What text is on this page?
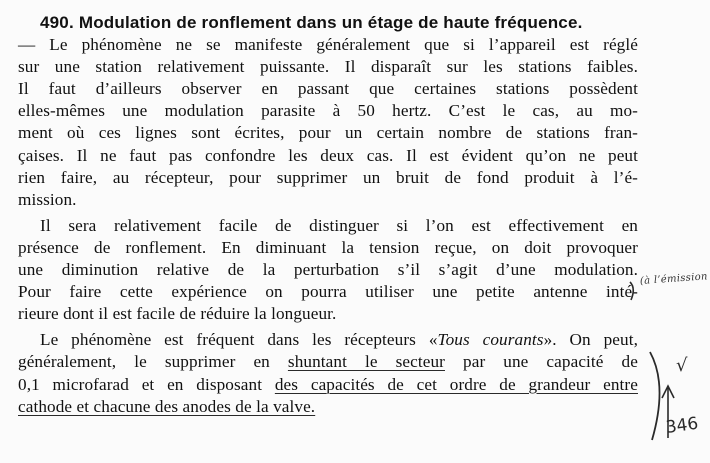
490. Modulation de ronflement dans un étage de haute fréquence.
— Le phénomène ne se manifeste généralement que si l’appareil est réglé
sur une station relativement puissante. Il disparaît sur les stations faibles.
Il faut d’ailleurs observer en passant que certaines stations possèdent
elles-mêmes une modulation parasite à 50 hertz. C’est le cas, au mo-
ment où ces lignes sont écrites, pour un certain nombre de stations fran-
çaises. Il ne faut pas confondre les deux cas. Il est évident qu’on ne peut
rien faire, au récepteur, pour supprimer un bruit de fond produit à l’é-
mission.
Il sera relativement facile de distinguer si l’on est effectivement en
présence de ronflement. En diminuant la tension reçue, on doit provoquer
une diminution relative de la perturbation s’il s’agit d’une modulation.
Pour faire cette expérience on pourra utiliser une petite antenne inté-
rieure dont il est facile de réduire la longueur.
Le phénomène est fréquent dans les récepteurs «Tous courants». On peut,
généralement, le supprimer en shuntant le secteur par une capacité de
0,1 microfarad et en disposant des capacités de cet ordre de grandeur entre
cathode et chacune des anodes de la valve.
(à l’émission
√
346
